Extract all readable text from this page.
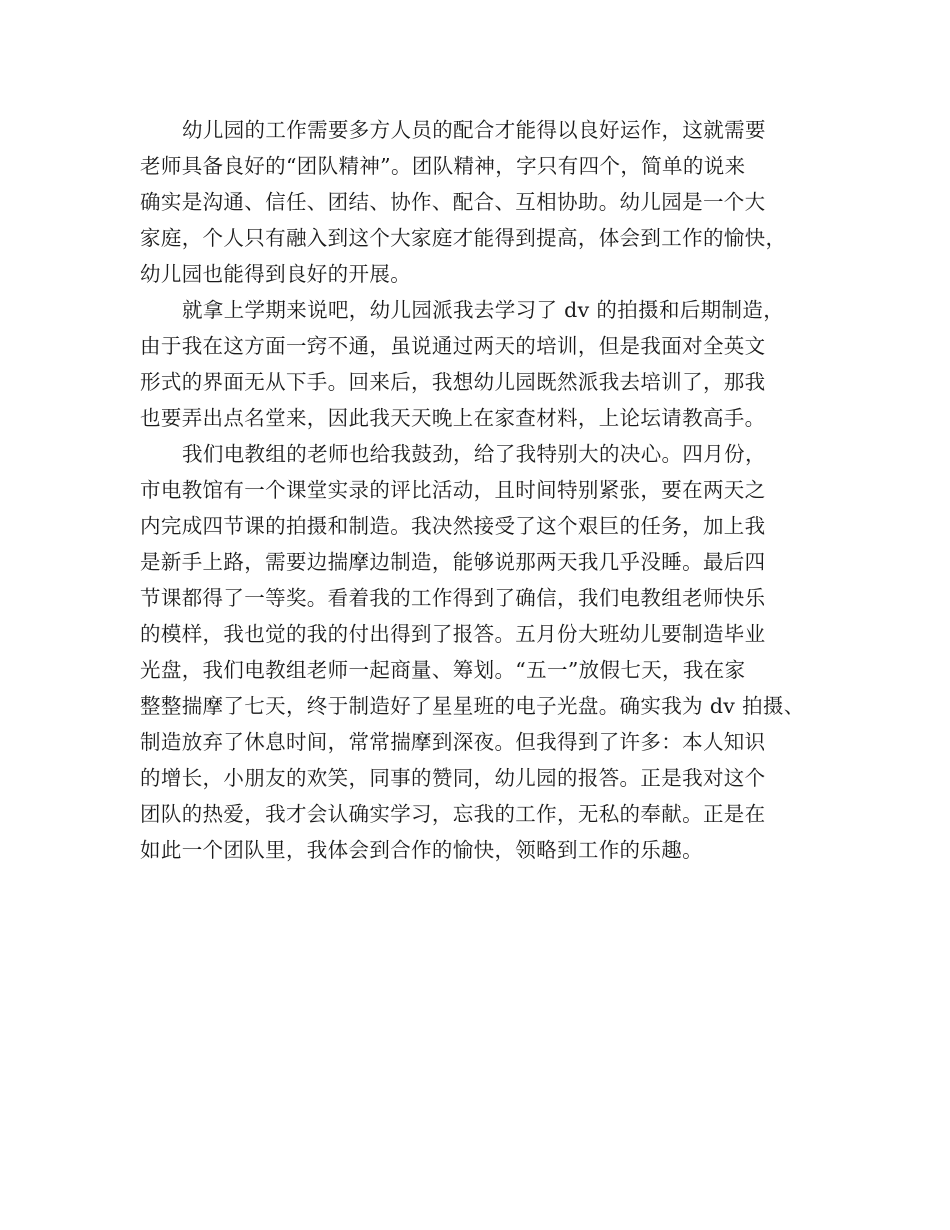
幼儿园的工作需要多方人员的配合才能得以良好运作，这就需要
老师具备良好的“团队精神”。团队精神，字只有四个，简单的说来
确实是沟通、信任、团结、协作、配合、互相协助。幼儿园是一个大
家庭，个人只有融入到这个大家庭才能得到提高，体会到工作的愉快，
幼儿园也能得到良好的开展。
就拿上学期来说吧，幼儿园派我去学习了 dv 的拍摄和后期制造，
由于我在这方面一窍不通，虽说通过两天的培训，但是我面对全英文
形式的界面无从下手。回来后，我想幼儿园既然派我去培训了，那我
也要弄出点名堂来，因此我天天晚上在家查材料，上论坛请教高手。
我们电教组的老师也给我鼓劲，给了我特别大的决心。四月份，
市电教馆有一个课堂实录的评比活动，且时间特别紧张，要在两天之
内完成四节课的拍摄和制造。我决然接受了这个艰巨的任务，加上我
是新手上路，需要边揣摩边制造，能够说那两天我几乎没睡。最后四
节课都得了一等奖。看着我的工作得到了确信，我们电教组老师快乐
的模样，我也觉的我的付出得到了报答。五月份大班幼儿要制造毕业
光盘，我们电教组老师一起商量、筹划。“五一”放假七天，我在家
整整揣摩了七天，终于制造好了星星班的电子光盘。确实我为 dv 拍摄、
制造放弃了休息时间，常常揣摩到深夜。但我得到了许多：本人知识
的增长，小朋友的欢笑，同事的赞同，幼儿园的报答。正是我对这个
团队的热爱，我才会认确实学习，忘我的工作，无私的奉献。正是在
如此一个团队里，我体会到合作的愉快，领略到工作的乐趣。
